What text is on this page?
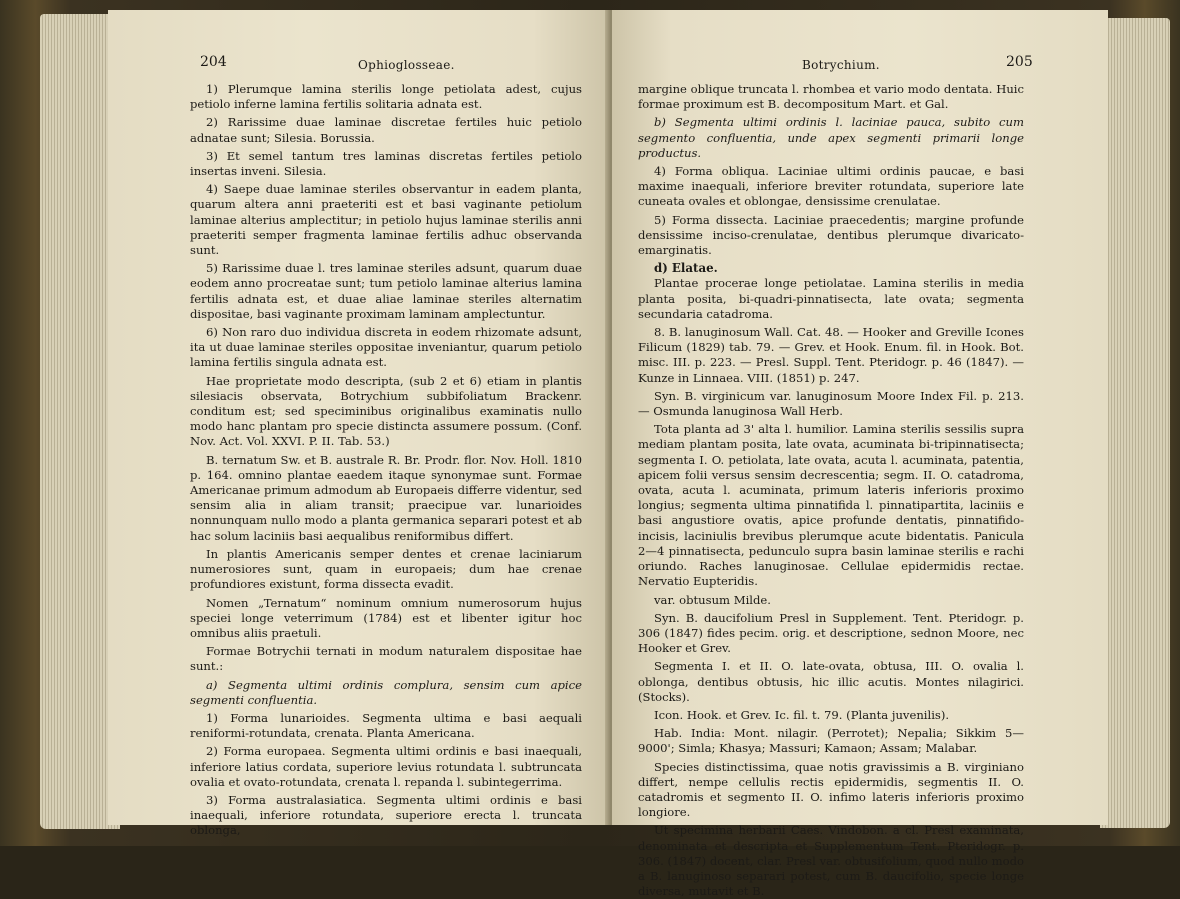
204	Ophioglosseae.

1) Plerumque lamina sterilis longe petiolata adest, cujus petiolo inferne lamina fertilis solitaria adnata est.

2) Rarissime duae laminae discretae fertiles huic petiolo adnatae sunt; Silesia. Borussia.

3) Et semel tantum tres laminas discretas fertiles petiolo insertas inveni. Silesia.

4) Saepe duae laminae steriles observantur in eadem planta, quarum altera anni praeteriti est et basi vaginante petiolum laminae alterius amplectitur; in petiolo hujus laminae sterilis anni praeteriti semper fragmenta laminae fertilis adhuc observanda sunt.

5) Rarissime duae l. tres laminae steriles adsunt, quarum duae eodem anno procreatae sunt; tum petiolo laminae alterius lamina fertilis adnata est, et duae aliae laminae steriles alternatim dispositae, basi vaginante proximam laminam amplectuntur.

6) Non raro duo individua discreta in eodem rhizomate adsunt, ita ut duae laminae steriles oppositae inveniantur, quarum petiolo lamina fertilis singula adnata est.

Hae proprietate modo descripta, (sub 2 et 6) etiam in plantis silesiacis observata, Botrychium subbifoliatum Brackenr. conditum est; sed speciminibus originalibus examinatis nullo modo hanc plantam pro specie distincta assumere possum. (Conf. Nov. Act. Vol. XXVI. P. II. Tab. 53.)

B. ternatum Sw. et B. australe R. Br. Prodr. flor. Nov. Holl. 1810 p. 164. omnino plantae eaedem itaque synonymae sunt. Formae Americanae primum admodum ab Europaeis differre videntur, sed sensim alia in aliam transit; praecipue var. lunarioides nonnunquam nullo modo a planta germanica separari potest et ab hac solum laciniis basi aequalibus reniformibus differt.

In plantis Americanis semper dentes et crenae laciniarum numerosiores sunt, quam in europaeis; dum hae crenae profundiores existunt, forma dissecta evadit.

Nomen „Ternatum“ nominum omnium numerosorum hujus speciei longe veterrimum (1784) est et libenter igitur hoc omnibus aliis praetuli.

Formae Botrychii ternati in modum naturalem dispositae hae sunt.:

a) Segmenta ultimi ordinis complura, sensim cum apice segmenti confluentia.

1) Forma lunarioides. Segmenta ultima e basi aequali reniformi-rotundata, crenata. Planta Americana.

2) Forma europaea. Segmenta ultimi ordinis e basi inaequali, inferiore latius cordata, superiore levius rotundata l. subtruncata ovalia et ovato-rotundata, crenata l. repanda l. subintegerrima.

3) Forma australasiatica. Segmenta ultimi ordinis e basi inaequali, inferiore rotundata, superiore erecta l. truncata oblonga,

Botrychium.	205

margine oblique truncata l. rhombea et vario modo dentata. Huic formae proximum est B. decompositum Mart. et Gal.

b) Segmenta ultimi ordinis l. laciniae pauca, subito cum segmento confluentia, unde apex segmenti primarii longe productus.

4) Forma obliqua. Laciniae ultimi ordinis paucae, e basi maxime inaequali, inferiore breviter rotundata, superiore late cuneata ovales et oblongae, densissime crenulatae.

5) Forma dissecta. Laciniae praecedentis; margine profunde densissime inciso-crenulatae, dentibus plerumque divaricato-emarginatis.

d) Elatae.

Plantae procerae longe petiolatae. Lamina sterilis in media planta posita, bi-quadri-pinnatisecta, late ovata; segmenta secundaria catadroma.

8. B. lanuginosum Wall. Cat. 48. — Hooker and Greville Icones Filicum (1829) tab. 79. — Grev. et Hook. Enum. fil. in Hook. Bot. misc. III. p. 223. — Presl. Suppl. Tent. Pteridogr. p. 46 (1847). — Kunze in Linnaea. VIII. (1851) p. 247.

Syn. B. virginicum var. lanuginosum Moore Index Fil. p. 213. — Osmunda lanuginosa Wall Herb.

Tota planta ad 3' alta l. humilior. Lamina sterilis sessilis supra mediam plantam posita, late ovata, acuminata bi-tripinnatisecta; segmenta I. O. petiolata, late ovata, acuta l. acuminata, patentia, apicem folii versus sensim decrescentia; segm. II. O. catadroma, ovata, acuta l. acuminata, primum lateris inferioris proximo longius; segmenta ultima pinnatifida l. pinnatipartita, laciniis e basi angustiore ovatis, apice profunde dentatis, pinnatifido-incisis, laciniulis brevibus plerumque acute bidentatis. Panicula 2—4 pinnatisecta, pedunculo supra basin laminae sterilis e rachi oriundo. Raches lanuginosae. Cellulae epidermidis rectae. Nervatio Eupteridis.

var. obtusum Milde.

Syn. B. daucifolium Presl in Supplement. Tent. Pteridogr. p. 306 (1847) fides pecim. orig. et descriptione, sednon Moore, nec Hooker et Grev.

Segmenta I. et II. O. late-ovata, obtusa, III. O. ovalia l. oblonga, dentibus obtusis, hic illic acutis. Montes nilagirici. (Stocks).

Icon. Hook. et Grev. Ic. fil. t. 79. (Planta juvenilis).

Hab. India: Mont. nilagir. (Perrotet); Nepalia; Sikkim 5—9000'; Simla; Khasya; Massuri; Kamaon; Assam; Malabar.

Species distinctissima, quae notis gravissimis a B. virginiano differt, nempe cellulis rectis epidermidis, segmentis II. O. catadromis et segmento II. O. infimo lateris inferioris proximo longiore.

Ut specimina herbarii Caes. Vindobon. a cl. Presl examinata, denominata et descripta et Supplementum Tent. Pteridogr. p. 306. (1847) docent, clar. Presl var. obtusifolium, quod nullo modo a B. lanuginoso separari potest, cum B. daucifolio, specie longe diversa, mutavit et B.
